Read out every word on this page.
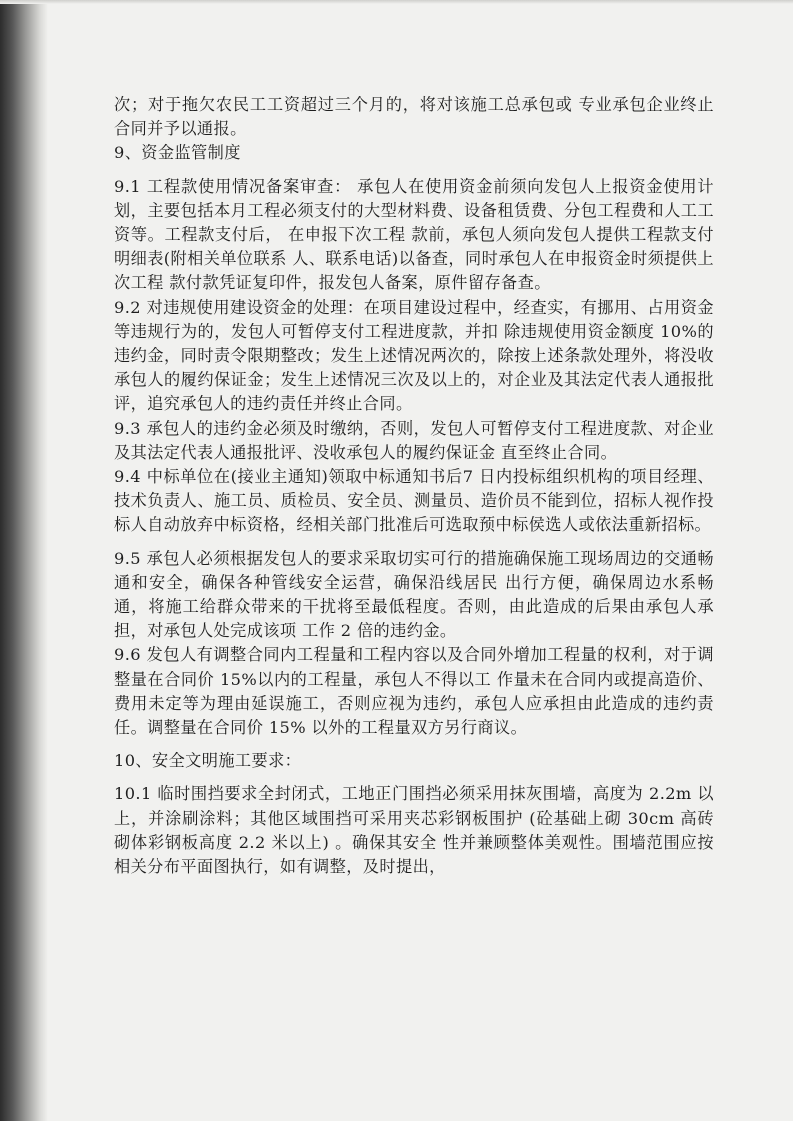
次；对于拖欠农民工工资超过三个月的，将对该施工总承包或 专业承包企业终止合同并予以通报。

9、资金监管制度

9.1 工程款使用情况备案审查： 承包人在使用资金前须向发包人上报资金使用计划，主要包括本月工程必须支付的大型材料费、设备租赁费、分包工程费和人工工资等。工程款支付后， 在申报下次工程 款前，承包人须向发包人提供工程款支付明细表(附相关单位联系 人、联系电话)以备查，同时承包人在申报资金时须提供上次工程 款付款凭证复印件，报发包人备案，原件留存备查。

9.2 对违规使用建设资金的处理：在项目建设过程中，经查实，有挪用、占用资金等违规行为的，发包人可暂停支付工程进度款，并扣 除违规使用资金额度 10%的违约金，同时责令限期整改；发生上述情况两次的，除按上述条款处理外，将没收承包人的履约保证金；发生上述情况三次及以上的，对企业及其法定代表人通报批评，追究承包人的违约责任并终止合同。

9.3 承包人的违约金必须及时缴纳，否则，发包人可暂停支付工程进度款、对企业及其法定代表人通报批评、没收承包人的履约保证金 直至终止合同。

9.4 中标单位在(接业主通知)领取中标通知书后7 日内投标组织机构的项目经理、技术负责人、施工员、质检员、安全员、测量员、造价员不能到位，招标人视作投标人自动放弃中标资格，经相关部门批准后可选取预中标侯选人或依法重新招标。

9.5 承包人必须根据发包人的要求采取切实可行的措施确保施工现场周边的交通畅通和安全，确保各种管线安全运营，确保沿线居民 出行方便，确保周边水系畅通，将施工给群众带来的干扰将至最低程度。否则，由此造成的后果由承包人承担，对承包人处完成该项 工作 2 倍的违约金。

9.6 发包人有调整合同内工程量和工程内容以及合同外增加工程量的权利，对于调整量在合同价 15%以内的工程量，承包人不得以工 作量未在合同内或提高造价、费用未定等为理由延误施工，否则应视为违约，承包人应承担由此造成的违约责任。调整量在合同价 15% 以外的工程量双方另行商议。

10、安全文明施工要求：

10.1 临时围挡要求全封闭式，工地正门围挡必须采用抹灰围墙，高度为 2.2m 以上，并涂刷涂料；其他区域围挡可采用夹芯彩钢板围护 (砼基础上砌 30cm 高砖砌体彩钢板高度 2.2 米以上) 。确保其安全 性并兼顾整体美观性。围墙范围应按相关分布平面图执行，如有调整，及时提出，
